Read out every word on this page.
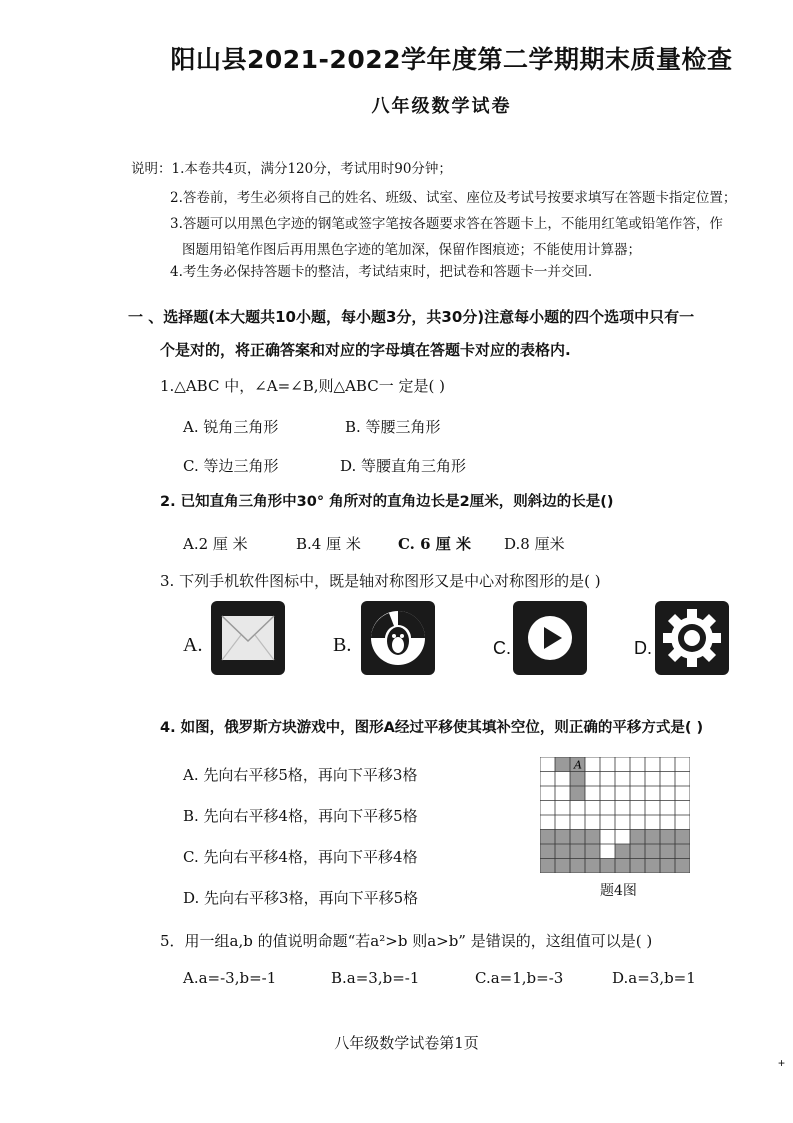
阳山县2021-2022学年度第二学期期末质量检查
八年级数学试卷
说明：1.本卷共4页，满分120分，考试用时90分钟；
2.答卷前，考生必须将自己的姓名、班级、试室、座位及考试号按要求填写在答题卡指定位置；
3.答题可以用黑色字迹的钢笔或签字笔按各题要求答在答题卡上，不能用红笔或铅笔作答，作
图题用铅笔作图后再用黑色字迹的笔加深，保留作图痕迹；不能使用计算器；
4.考生务必保持答题卡的整洁，考试结束时，把试卷和答题卡一并交回.
一 、选择题(本大题共10小题，每小题3分，共30分)注意每小题的四个选项中只有一
个是对的，将正确答案和对应的字母填在答题卡对应的表格内.
1.△ABC 中，∠A=∠B,则△ABC一 定是( )
A. 锐角三角形	B. 等腰三角形
C. 等边三角形	D. 等腰直角三角形
2. 已知直角三角形中30° 角所对的直角边长是2厘米，则斜边的长是()
A.2 厘 米	B.4 厘 米 C. 6 厘 米 D.8 厘米
3. 下列手机软件图标中，既是轴对称图形又是中心对称图形的是( )
A.	B.	C.	D.
4. 如图，俄罗斯方块游戏中，图形A经过平移使其填补空位，则正确的平移方式是( )
A. 先向右平移5格，再向下平移3格
B. 先向右平移4格，再向下平移5格
C. 先向右平移4格，再向下平移4格
D. 先向右平移3格，再向下平移5格
A
题4图
5．用一组a,b 的值说明命题“若a²>b 则a>b” 是错误的，这组值可以是( )
A.a=-3,b=-1	B.a=3,b=-1	C.a=1,b=-3	D.a=3,b=1
八年级数学试卷第1页
+
